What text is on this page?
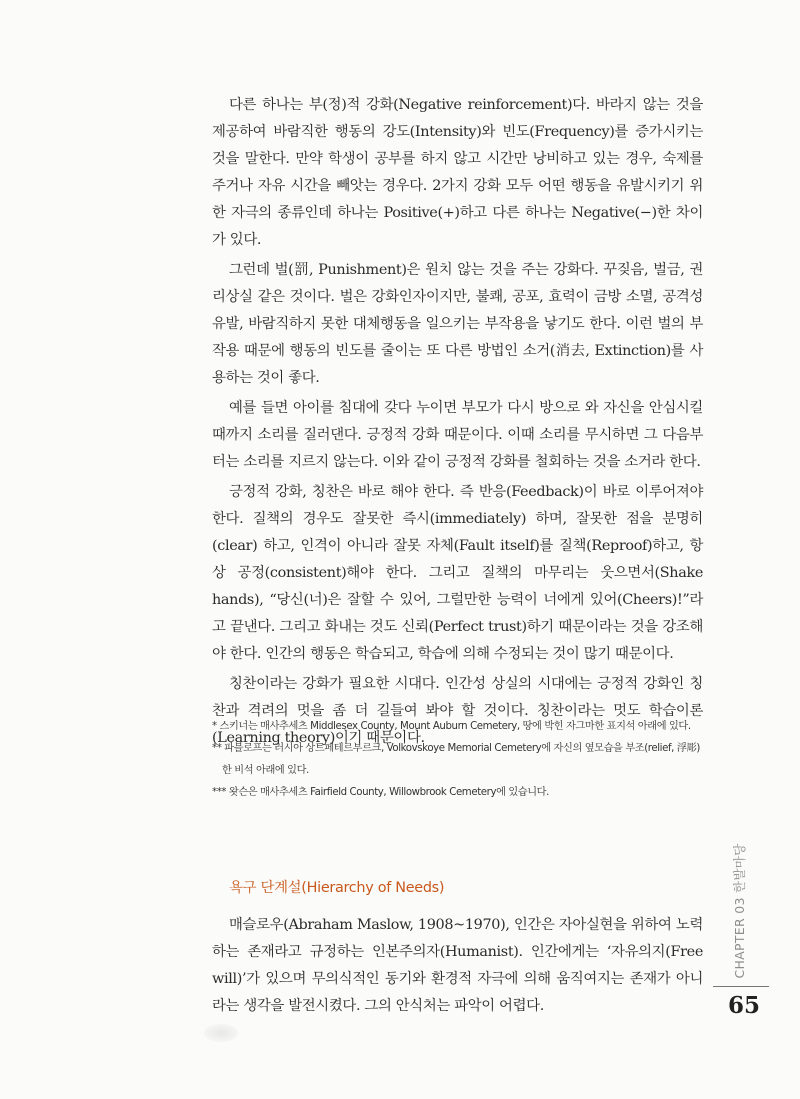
다른 하나는 부(정)적 강화(Negative reinforcement)다. 바라지 않는 것을 제공하여 바람직한 행동의 강도(Intensity)와 빈도(Frequency)를 증가시키는 것을 말한다. 만약 학생이 공부를 하지 않고 시간만 낭비하고 있는 경우, 숙제를 주거나 자유 시간을 빼앗는 경우다. 2가지 강화 모두 어떤 행동을 유발시키기 위한 자극의 종류인데 하나는 Positive(+)하고 다른 하나는 Negative(−)한 차이가 있다.

그런데 벌(罰, Punishment)은 원치 않는 것을 주는 강화다. 꾸짖음, 벌금, 권리상실 같은 것이다. 벌은 강화인자이지만, 불쾌, 공포, 효력이 금방 소멸, 공격성 유발, 바람직하지 못한 대체행동을 일으키는 부작용을 낳기도 한다. 이런 벌의 부작용 때문에 행동의 빈도를 줄이는 또 다른 방법인 소거(消去, Extinction)를 사용하는 것이 좋다.

예를 들면 아이를 침대에 갖다 누이면 부모가 다시 방으로 와 자신을 안심시킬 때까지 소리를 질러댄다. 긍정적 강화 때문이다. 이때 소리를 무시하면 그 다음부터는 소리를 지르지 않는다. 이와 같이 긍정적 강화를 철회하는 것을 소거라 한다.

긍정적 강화, 칭찬은 바로 해야 한다. 즉 반응(Feedback)이 바로 이루어져야 한다. 질책의 경우도 잘못한 즉시(immediately) 하며, 잘못한 점을 분명히(clear) 하고, 인격이 아니라 잘못 자체(Fault itself)를 질책(Reproof)하고, 항상 공정(consistent)해야 한다. 그리고 질책의 마무리는 웃으면서(Shake hands), “당신(너)은 잘할 수 있어, 그럴만한 능력이 너에게 있어(Cheers)!”라고 끝낸다. 그리고 화내는 것도 신뢰(Perfect trust)하기 때문이라는 것을 강조해야 한다. 인간의 행동은 학습되고, 학습에 의해 수정되는 것이 많기 때문이다.

칭찬이라는 강화가 필요한 시대다. 인간성 상실의 시대에는 긍정적 강화인 칭찬과 격려의 멋을 좀 더 길들여 봐야 할 것이다. 칭찬이라는 멋도 학습이론(Learning theory)이기 때문이다.

* 스키너는 매사추세츠 Middlesex County, Mount Auburn Cemetery, 땅에 박힌 자그마한 표지석 아래에 있다.

** 파블로프는 러시아 상트페테르부르크, Volkovskoye Memorial Cemetery에 자신의 옆모습을 부조(relief, 浮彫)한 비석 아래에 있다.

*** 왓슨은 매사추세츠 Fairfield County, Willowbrook Cemetery에 있습니다.

욕구 단계설(Hierarchy of Needs)

매슬로우(Abraham Maslow, 1908~1970), 인간은 자아실현을 위하여 노력하는 존재라고 규정하는 인본주의자(Humanist). 인간에게는 ‘자유의지(Free will)’가 있으며 무의식적인 동기와 환경적 자극에 의해 움직여지는 존재가 아니라는 생각을 발전시켰다. 그의 안식처는 파악이 어렵다.

CHAPTER 03 한발마당
65
